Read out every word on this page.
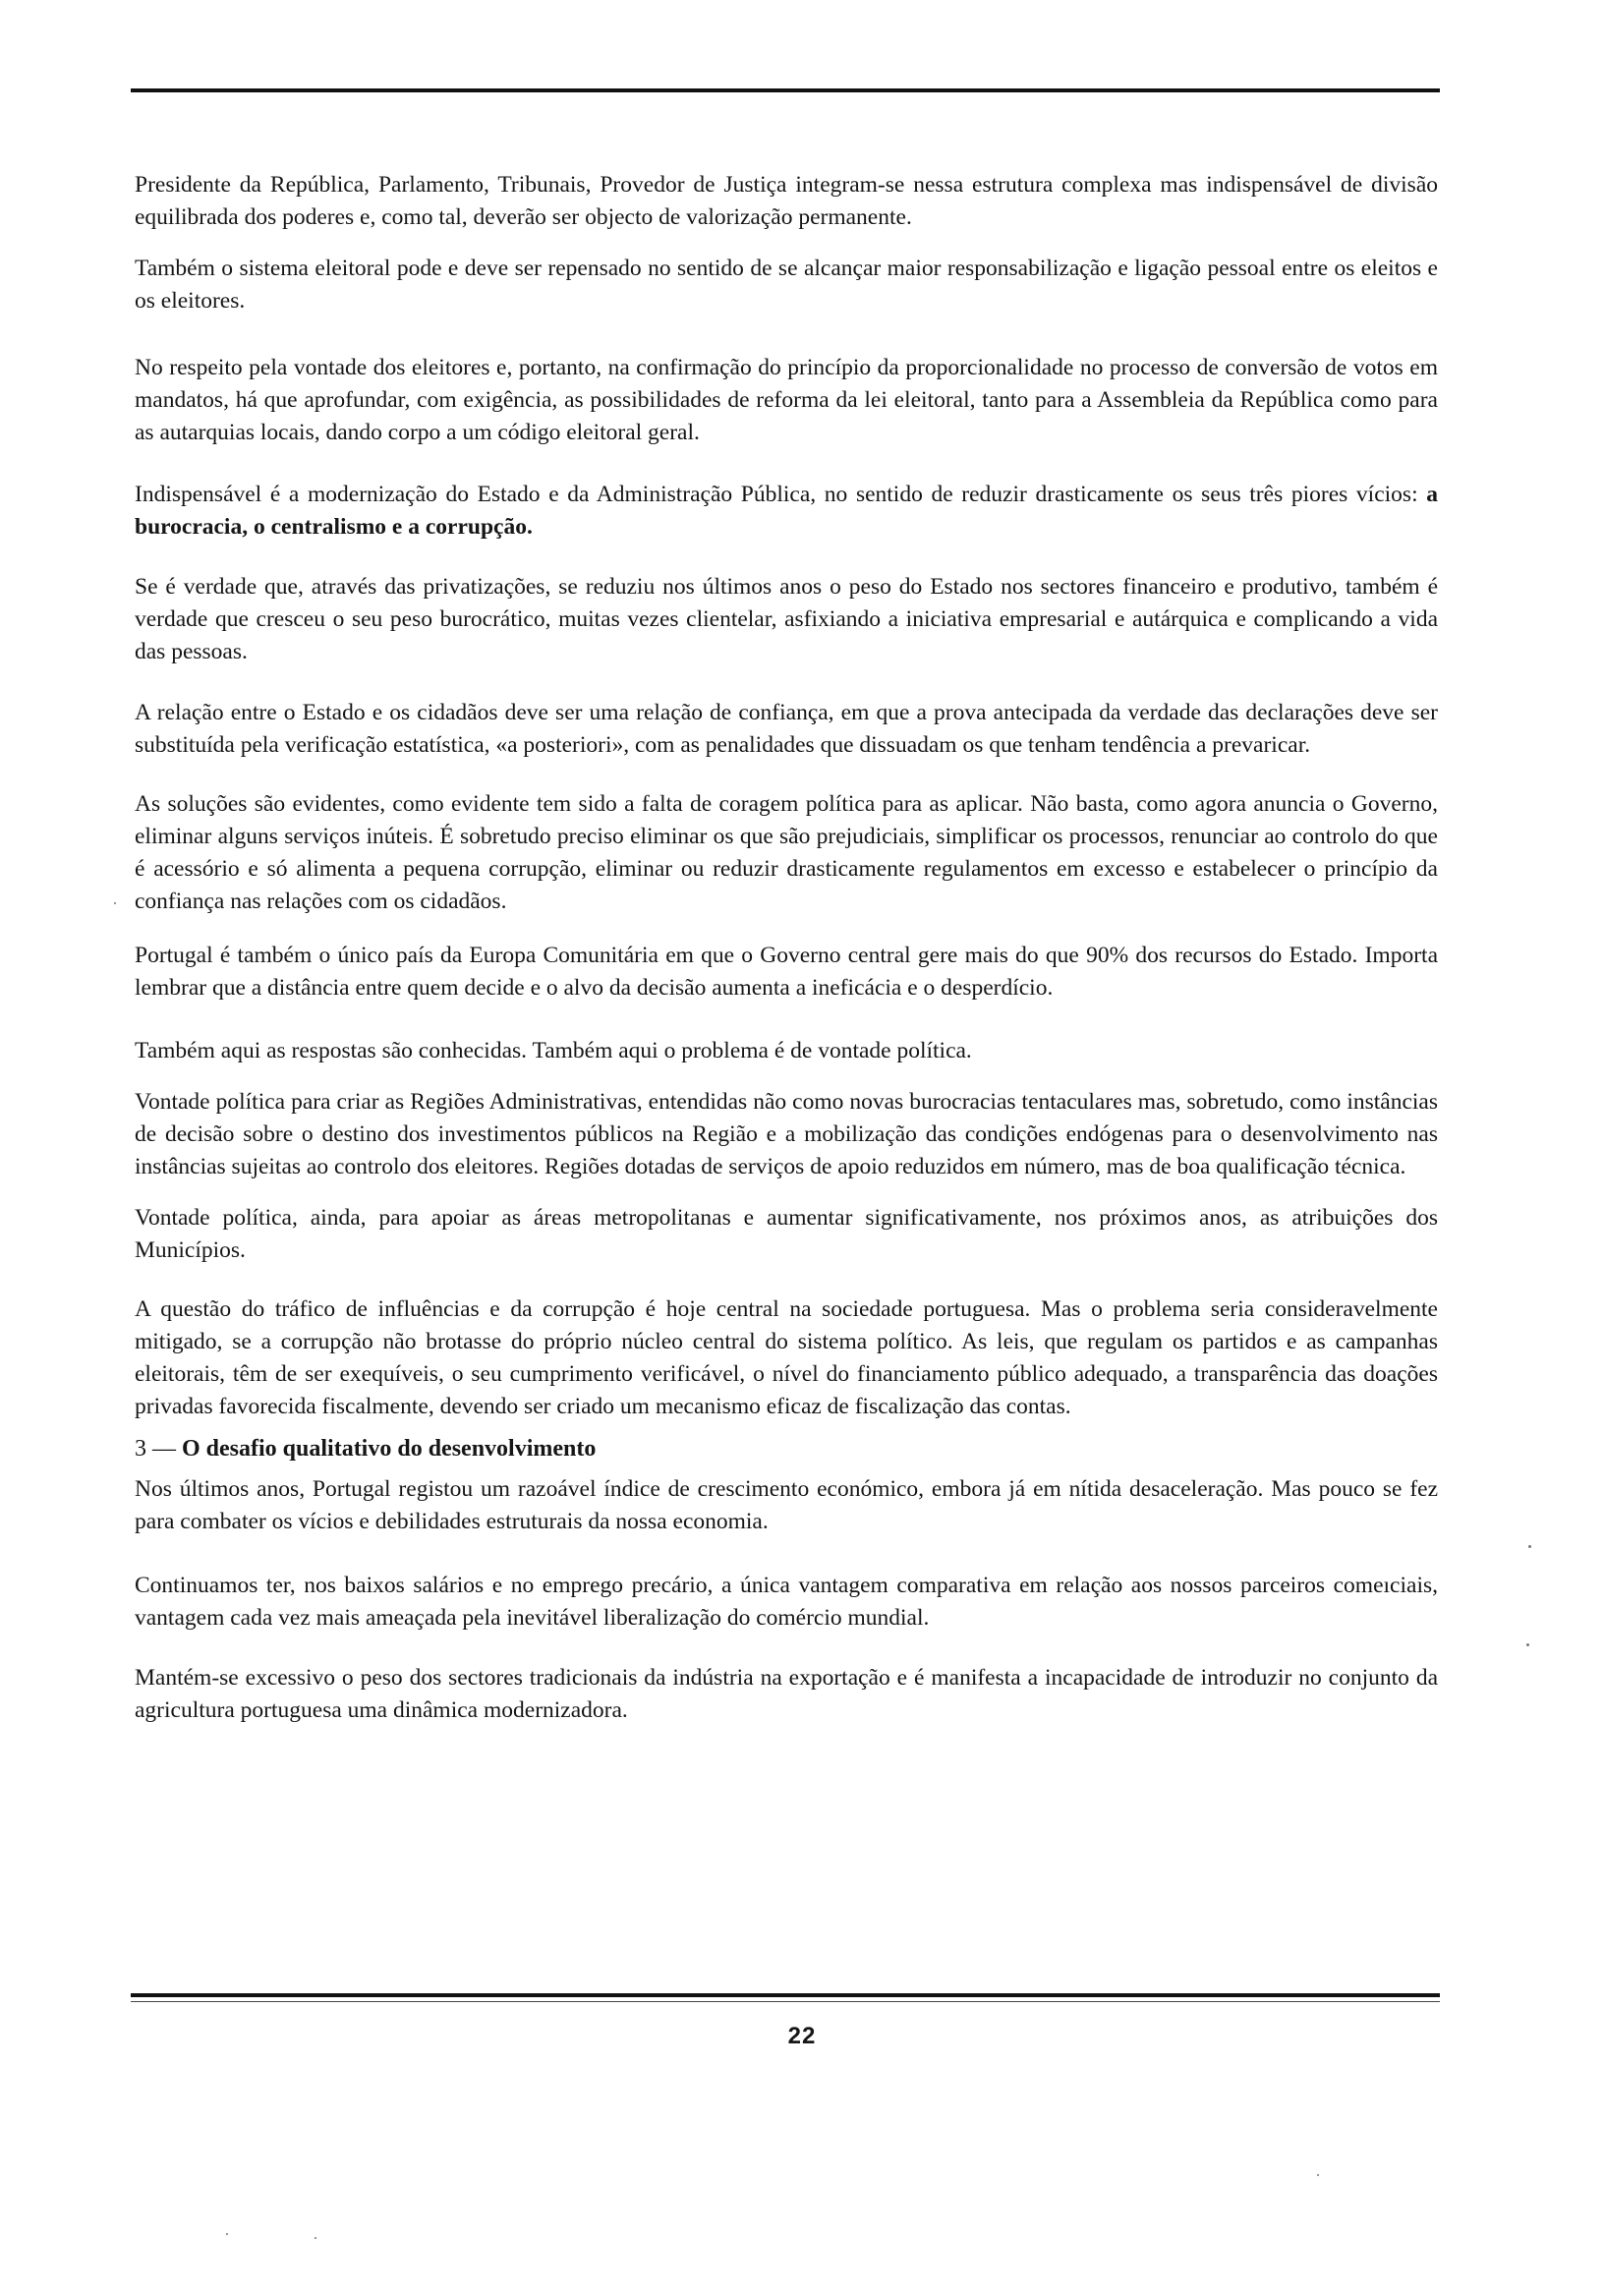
Presidente da República, Parlamento, Tribunais, Provedor de Justiça integram-se nessa estrutura complexa mas indispensável de divisão equilibrada dos poderes e, como tal, deverão ser objecto de valorização permanente.

Também o sistema eleitoral pode e deve ser repensado no sentido de se alcançar maior responsabilização e ligação pessoal entre os eleitos e os eleitores.

No respeito pela vontade dos eleitores e, portanto, na confirmação do princípio da proporcionalidade no processo de conversão de votos em mandatos, há que aprofundar, com exigência, as possibilidades de reforma da lei eleitoral, tanto para a Assembleia da República como para as autarquias locais, dando corpo a um código eleitoral geral.

Indispensável é a modernização do Estado e da Administração Pública, no sentido de reduzir drasticamente os seus três piores vícios: a burocracia, o centralismo e a corrupção.

Se é verdade que, através das privatizações, se reduziu nos últimos anos o peso do Estado nos sectores financeiro e produtivo, também é verdade que cresceu o seu peso burocrático, muitas vezes clientelar, asfixiando a iniciativa empresarial e autárquica e complicando a vida das pessoas.

A relação entre o Estado e os cidadãos deve ser uma relação de confiança, em que a prova antecipada da verdade das declarações deve ser substituída pela verificação estatística, «a posteriori», com as penalidades que dissuadam os que tenham tendência a prevaricar.

As soluções são evidentes, como evidente tem sido a falta de coragem política para as aplicar. Não basta, como agora anuncia o Governo, eliminar alguns serviços inúteis. É sobretudo preciso eliminar os que são prejudiciais, simplificar os processos, renunciar ao controlo do que é acessório e só alimenta a pequena corrupção, eliminar ou reduzir drasticamente regulamentos em excesso e estabelecer o princípio da confiança nas relações com os cidadãos.

Portugal é também o único país da Europa Comunitária em que o Governo central gere mais do que 90% dos recursos do Estado. Importa lembrar que a distância entre quem decide e o alvo da decisão aumenta a ineficácia e o desperdício.

Também aqui as respostas são conhecidas. Também aqui o problema é de vontade política.

Vontade política para criar as Regiões Administrativas, entendidas não como novas burocracias tentaculares mas, sobretudo, como instâncias de decisão sobre o destino dos investimentos públicos na Região e a mobilização das condições endógenas para o desenvolvimento nas instâncias sujeitas ao controlo dos eleitores. Regiões dotadas de serviços de apoio reduzidos em número, mas de boa qualificação técnica.

Vontade política, ainda, para apoiar as áreas metropolitanas e aumentar significativamente, nos próximos anos, as atribuições dos Municípios.

A questão do tráfico de influências e da corrupção é hoje central na sociedade portuguesa. Mas o problema seria consideravelmente mitigado, se a corrupção não brotasse do próprio núcleo central do sistema político. As leis, que regulam os partidos e as campanhas eleitorais, têm de ser exequíveis, o seu cumprimento verificável, o nível do financiamento público adequado, a transparência das doações privadas favorecida fiscalmente, devendo ser criado um mecanismo eficaz de fiscalização das contas.

3 — O desafio qualitativo do desenvolvimento

Nos últimos anos, Portugal registou um razoável índice de crescimento económico, embora já em nítida desaceleração. Mas pouco se fez para combater os vícios e debilidades estruturais da nossa economia.

Continuamos ter, nos baixos salários e no emprego precário, a única vantagem comparativa em relação aos nossos parceiros comeıciais, vantagem cada vez mais ameaçada pela inevitável liberalização do comércio mundial.

Mantém-se excessivo o peso dos sectores tradicionais da indústria na exportação e é manifesta a incapacidade de introduzir no conjunto da agricultura portuguesa uma dinâmica modernizadora.

22
